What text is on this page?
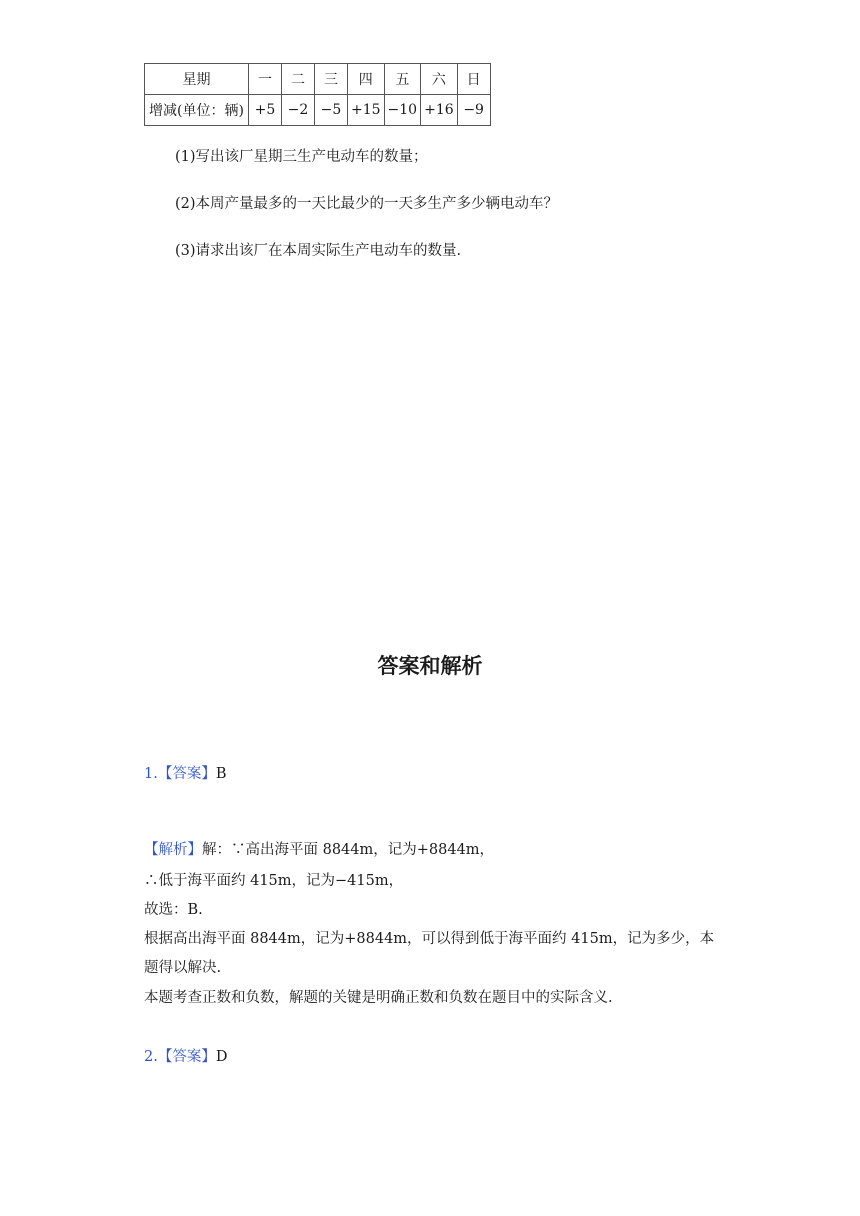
星期	一	二	三	四	五	六	日
增减(单位：辆)	+5	−2	−5	+15	−10	+16	−9
(1)写出该厂星期三生产电动车的数量；
(2)本周产量最多的一天比最少的一天多生产多少辆电动车？
(3)请求出该厂在本周实际生产电动车的数量.
答案和解析
1.【答案】B
【解析】解：∵高出海平面 8844m，记为+8844m，
∴低于海平面约 415m，记为−415m，
故选：B.
根据高出海平面 8844m，记为+8844m，可以得到低于海平面约 415m，记为多少，本
题得以解决.
本题考查正数和负数，解题的关键是明确正数和负数在题目中的实际含义.
2.【答案】D
